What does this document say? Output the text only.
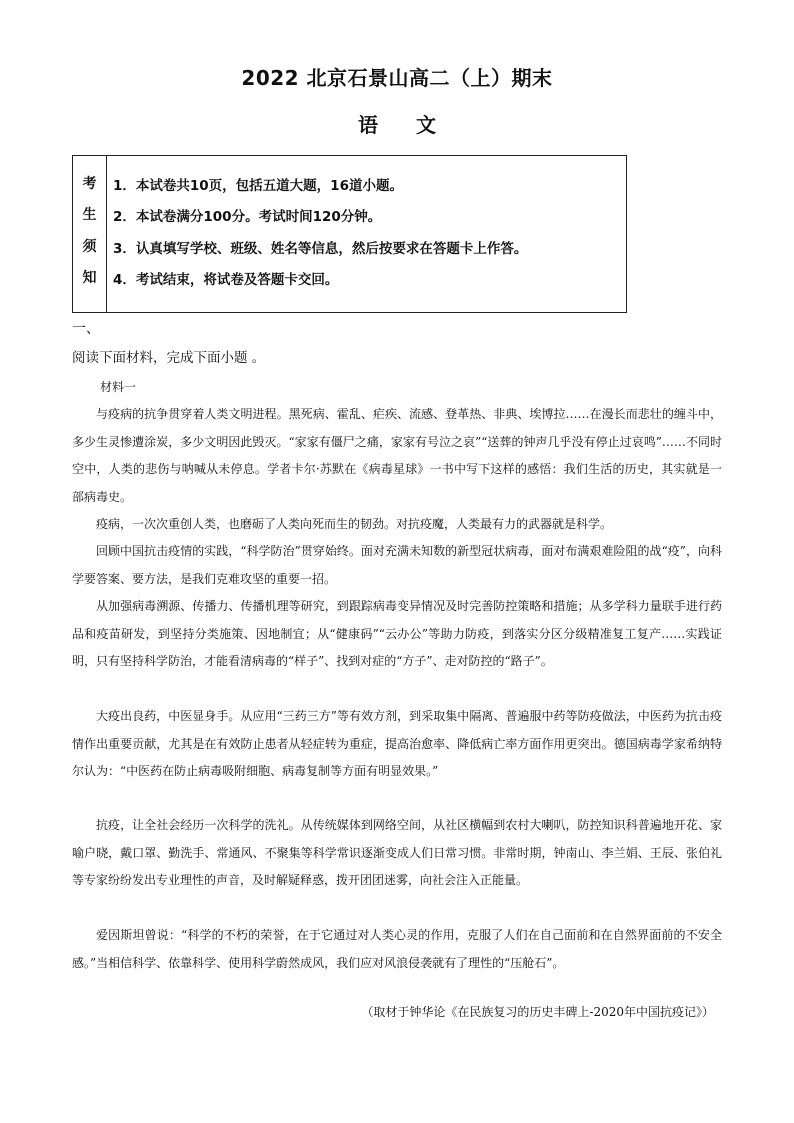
2022 北京石景山高二（上）期末
语文
考
生
须
知
1．本试卷共10页，包括五道大题，16道小题。
2．本试卷满分100分。考试时间120分钟。
3．认真填写学校、班级、姓名等信息，然后按要求在答题卡上作答。
4．考试结束，将试卷及答题卡交回。
一、
阅读下面材料，完成下面小题 。
材料一

与疫病的抗争贯穿着人类文明进程。黑死病、霍乱、疟疾、流感、登革热、非典、埃博拉……在漫长而悲壮的缠斗中，多少生灵惨遭涂炭，多少文明因此毁灭。“家家有僵尸之痛，家家有号泣之哀”“送葬的钟声几乎没有停止过哀鸣”……不同时空中，人类的悲伤与呐喊从未停息。学者卡尔·苏默在《病毒星球》一书中写下这样的感悟：我们生活的历史，其实就是一部病毒史。

疫病，一次次重创人类，也磨砺了人类向死而生的韧劲。对抗疫魔，人类最有力的武器就是科学。

回顾中国抗击疫情的实践，“科学防治”贯穿始终。面对充满未知数的新型冠状病毒，面对布满艰难险阻的战“疫”，向科学要答案、要方法，是我们克难攻坚的重要一招。

从加强病毒溯源、传播力、传播机理等研究，到跟踪病毒变异情况及时完善防控策略和措施；从多学科力量联手进行药品和疫苗研发，到坚持分类施策、因地制宜；从“健康码”“云办公”等助力防疫，到落实分区分级精准复工复产……实践证明，只有坚持科学防治，才能看清病毒的“样子”、找到对症的“方子”、走对防控的“路子”。

大疫出良药，中医显身手。从应用“三药三方”等有效方剂，到采取集中隔离、普遍服中药等防疫做法，中医药为抗击疫情作出重要贡献，尤其是在有效防止患者从轻症转为重症，提高治愈率、降低病亡率方面作用更突出。德国病毒学家希纳特尔认为：“中医药在防止病毒吸附细胞、病毒复制等方面有明显效果。”

抗疫，让全社会经历一次科学的洗礼。从传统媒体到网络空间，从社区横幅到农村大喇叭，防控知识科普遍地开花、家喻户晓，戴口罩、勤洗手、常通风、不聚集等科学常识逐渐变成人们日常习惯。非常时期，钟南山、李兰娟、王辰、张伯礼等专家纷纷发出专业理性的声音，及时解疑释惑，拨开团团迷雾，向社会注入正能量。

爱因斯坦曾说：“科学的不朽的荣誉，在于它通过对人类心灵的作用，克服了人们在自己面前和在自然界面前的不安全感。”当相信科学、依靠科学、使用科学蔚然成风，我们应对风浪侵袭就有了理性的“压舱石”。

（取材于钟华论《在民族复习的历史丰碑上-2020年中国抗疫记》）
